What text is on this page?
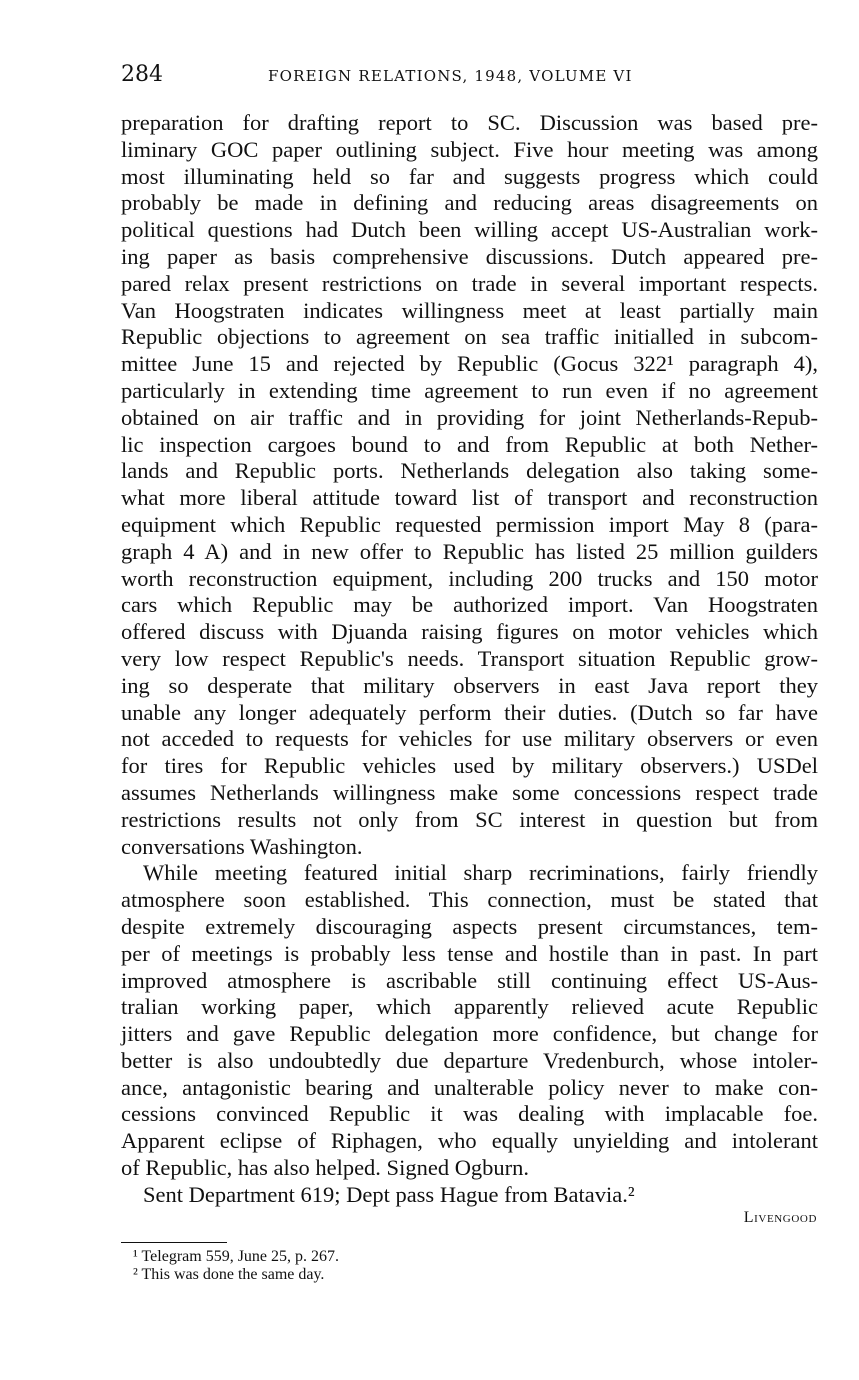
284	FOREIGN RELATIONS, 1948, VOLUME VI
preparation for drafting report to SC. Discussion was based pre-
liminary GOC paper outlining subject. Five hour meeting was among
most illuminating held so far and suggests progress which could
probably be made in defining and reducing areas disagreements on
political questions had Dutch been willing accept US-Australian work-
ing paper as basis comprehensive discussions. Dutch appeared pre-
pared relax present restrictions on trade in several important respects.
Van Hoogstraten indicates willingness meet at least partially main
Republic objections to agreement on sea traffic initialled in subcom-
mittee June 15 and rejected by Republic (Gocus 322¹ paragraph 4),
particularly in extending time agreement to run even if no agreement
obtained on air traffic and in providing for joint Netherlands-Repub-
lic inspection cargoes bound to and from Republic at both Nether-
lands and Republic ports. Netherlands delegation also taking some-
what more liberal attitude toward list of transport and reconstruction
equipment which Republic requested permission import May 8 (para-
graph 4 A) and in new offer to Republic has listed 25 million guilders
worth reconstruction equipment, including 200 trucks and 150 motor
cars which Republic may be authorized import. Van Hoogstraten
offered discuss with Djuanda raising figures on motor vehicles which
very low respect Republic's needs. Transport situation Republic grow-
ing so desperate that military observers in east Java report they
unable any longer adequately perform their duties. (Dutch so far have
not acceded to requests for vehicles for use military observers or even
for tires for Republic vehicles used by military observers.) USDel
assumes Netherlands willingness make some concessions respect trade
restrictions results not only from SC interest in question but from
conversations Washington.
While meeting featured initial sharp recriminations, fairly friendly
atmosphere soon established. This connection, must be stated that
despite extremely discouraging aspects present circumstances, tem-
per of meetings is probably less tense and hostile than in past. In part
improved atmosphere is ascribable still continuing effect US-Aus-
tralian working paper, which apparently relieved acute Republic
jitters and gave Republic delegation more confidence, but change for
better is also undoubtedly due departure Vredenburch, whose intoler-
ance, antagonistic bearing and unalterable policy never to make con-
cessions convinced Republic it was dealing with implacable foe.
Apparent eclipse of Riphagen, who equally unyielding and intolerant
of Republic, has also helped. Signed Ogburn.
Sent Department 619; Dept pass Hague from Batavia.²
Livengood
¹ Telegram 559, June 25, p. 267.
² This was done the same day.
